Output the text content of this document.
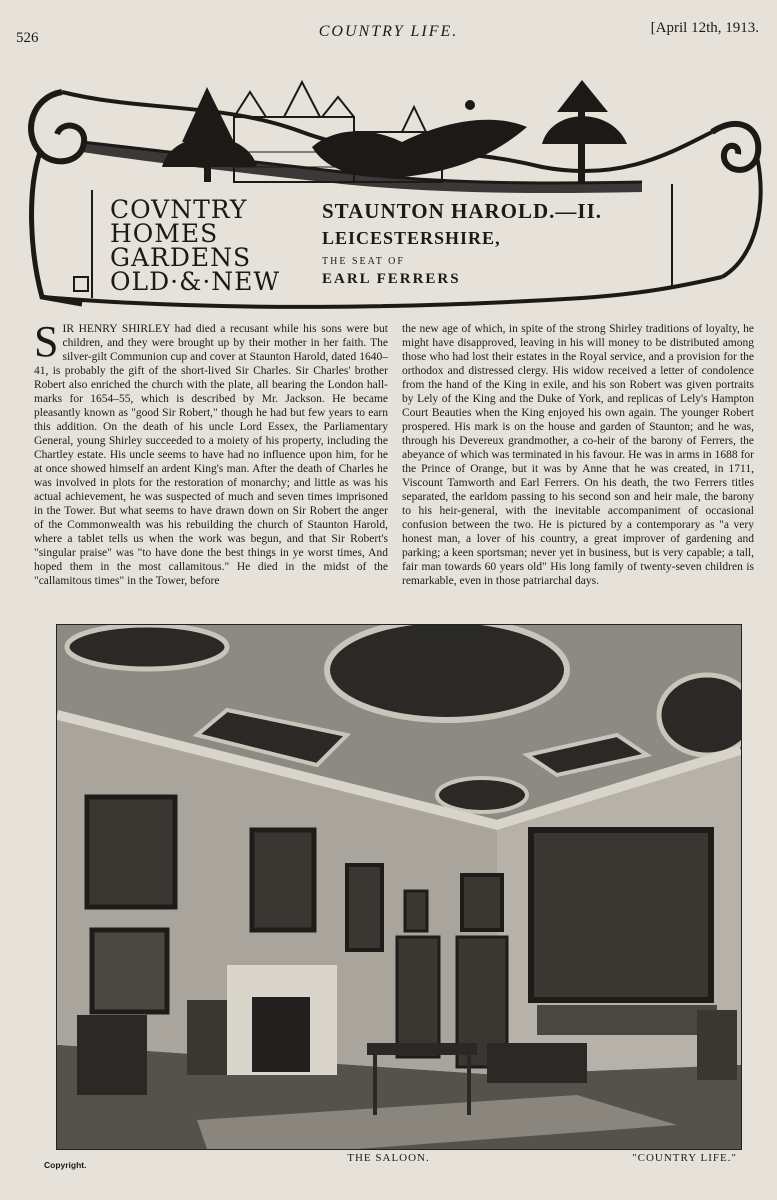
526	COUNTRY LIFE.	[April 12th, 1913.
COVNTRY
HOMES
GARDENS
OLD·&·NEW
STAUNTON HAROLD.—II.
LEICESTERSHIRE,
THE SEAT OF
EARL FERRERS
SIR HENRY SHIRLEY had died a recusant while his sons were but children, and they were brought up by their mother in her faith. The silver-gilt Communion cup and cover at Staunton Harold, dated 1640–41, is probably the gift of the short-lived Sir Charles. Sir Charles' brother Robert also enriched the church with the plate, all bearing the London hall-marks for 1654–55, which is described by Mr. Jackson. He became pleasantly known as "good Sir Robert," though he had but few years to earn this addition. On the death of his uncle Lord Essex, the Parliamentary General, young Shirley succeeded to a moiety of his property, including the Chartley estate. His uncle seems to have had no influence upon him, for he at once showed himself an ardent King's man. After the death of Charles he was involved in plots for the restoration of monarchy; and little as was his actual achievement, he was suspected of much and seven times imprisoned in the Tower. But what seems to have drawn down on Sir Robert the anger of the Commonwealth was his rebuilding the church of Staunton Harold, where a tablet tells us when the work was begun, and that Sir Robert's "singular praise" was "to have done the best things in ye worst times, And hoped them in the most callamitous." He died in the midst of the "callamitous times" in the Tower, before
the new age of which, in spite of the strong Shirley traditions of loyalty, he might have disapproved, leaving in his will money to be distributed among those who had lost their estates in the Royal service, and a provision for the orthodox and distressed clergy. His widow received a letter of condolence from the hand of the King in exile, and his son Robert was given portraits by Lely of the King and the Duke of York, and replicas of Lely's Hampton Court Beauties when the King enjoyed his own again. The younger Robert prospered. His mark is on the house and garden of Staunton; and he was, through his Devereux grandmother, a co-heir of the barony of Ferrers, the abeyance of which was terminated in his favour. He was in arms in 1688 for the Prince of Orange, but it was by Anne that he was created, in 1711, Viscount Tamworth and Earl Ferrers. On his death, the two Ferrers titles separated, the earldom passing to his second son and heir male, the barony to his heir-general, with the inevitable accompaniment of occasional confusion between the two. He is pictured by a contemporary as "a very honest man, a lover of his country, a great improver of gardening and parking; a keen sportsman; never yet in business, but is very capable; a tall, fair man towards 60 years old" His long family of twenty-seven children is remarkable, even in those patriarchal days.
Copyright.
THE SALOON.	"COUNTRY LIFE."
